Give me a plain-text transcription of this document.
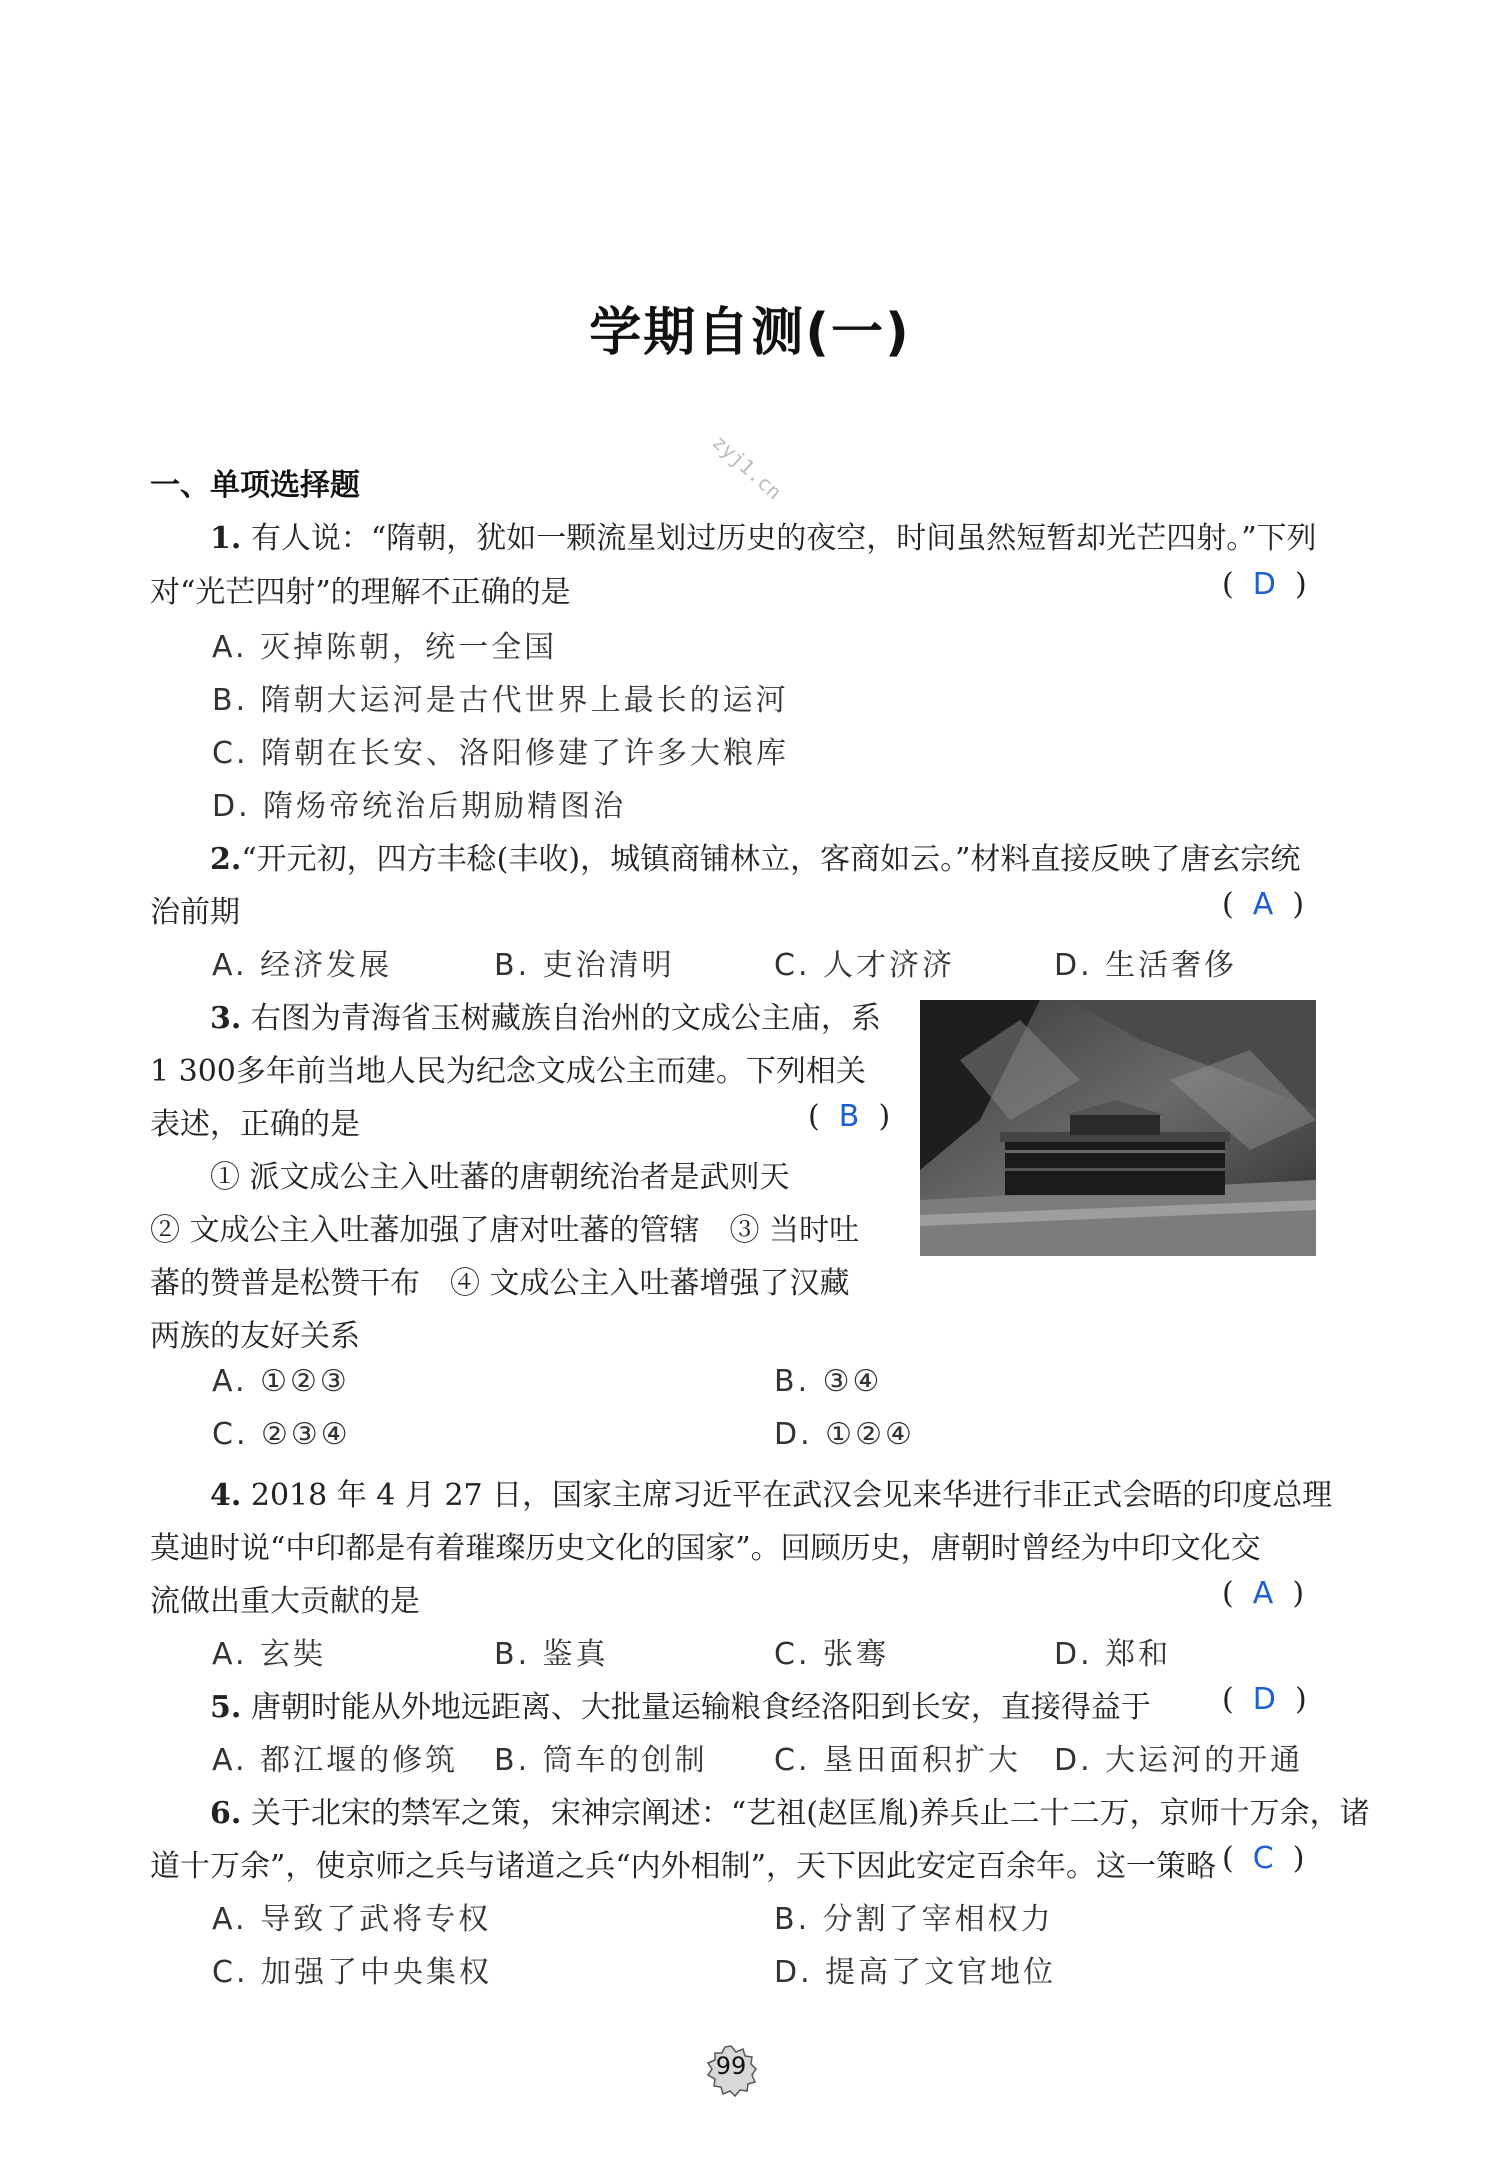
学期自测(一)
zyj1.cn
一、单项选择题
1. 有人说：“隋朝，犹如一颗流星划过历史的夜空，时间虽然短暂却光芒四射。”下列
对“光芒四射”的理解不正确的是	(  D  )
A. 灭掉陈朝，统一全国
B. 隋朝大运河是古代世界上最长的运河
C. 隋朝在长安、洛阳修建了许多大粮库
D. 隋炀帝统治后期励精图治
2.“开元初，四方丰稔(丰收)，城镇商铺林立，客商如云。”材料直接反映了唐玄宗统
治前期	(  A  )
A. 经济发展	B. 吏治清明	C. 人才济济	D. 生活奢侈
3. 右图为青海省玉树藏族自治州的文成公主庙，系
1 300多年前当地人民为纪念文成公主而建。下列相关
表述，正确的是	(  B  )
① 派文成公主入吐蕃的唐朝统治者是武则天
② 文成公主入吐蕃加强了唐对吐蕃的管辖　③ 当时吐
蕃的赞普是松赞干布　④ 文成公主入吐蕃增强了汉藏
两族的友好关系
A. ①②③	B. ③④
C. ②③④	D. ①②④
4. 2018 年 4 月 27 日，国家主席习近平在武汉会见来华进行非正式会晤的印度总理
莫迪时说“中印都是有着璀璨历史文化的国家”。回顾历史，唐朝时曾经为中印文化交
流做出重大贡献的是	(  A  )
A. 玄奘	B. 鉴真	C. 张骞	D. 郑和
5. 唐朝时能从外地远距离、大批量运输粮食经洛阳到长安，直接得益于 (  D  )
A. 都江堰的修筑 B. 筒车的创制 C. 垦田面积扩大 D. 大运河的开通
6. 关于北宋的禁军之策，宋神宗阐述：“艺祖(赵匡胤)养兵止二十二万，京师十万余，诸
道十万余”，使京师之兵与诸道之兵“内外相制”，天下因此安定百余年。这一策略 (  C  )
A. 导致了武将专权	B. 分割了宰相权力
C. 加强了中央集权	D. 提高了文官地位
99
